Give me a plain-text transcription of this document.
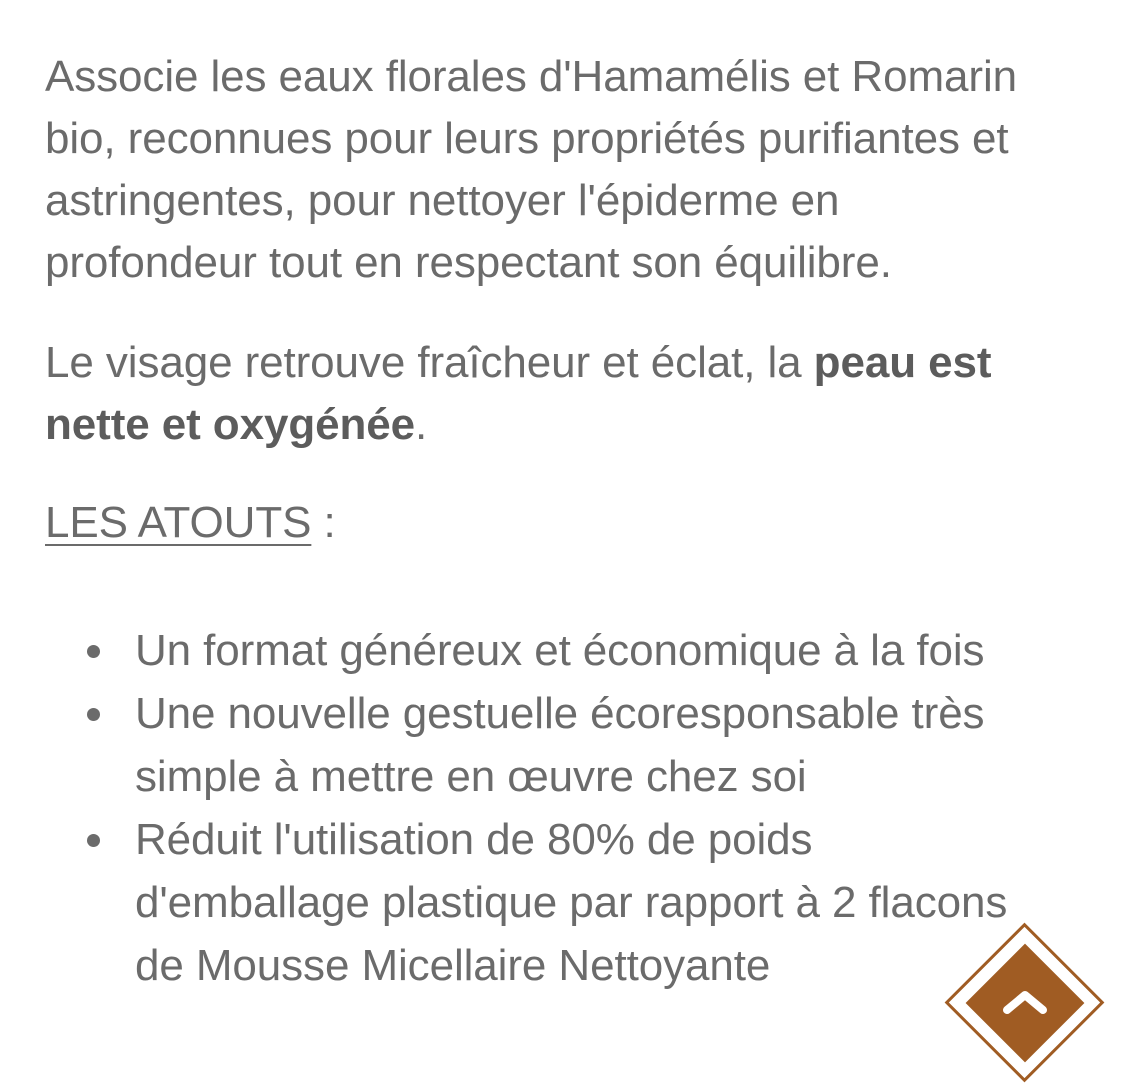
Associe les eaux florales d'Hamamélis et Romarin bio, reconnues pour leurs propriétés purifiantes et astringentes, pour nettoyer l'épiderme en profondeur tout en respectant son équilibre.

Le visage retrouve fraîcheur et éclat, la peau est nette et oxygénée.

LES ATOUTS :

Un format généreux et économique à la fois
Une nouvelle gestuelle écoresponsable très simple à mettre en œuvre chez soi
Réduit l'utilisation de 80% de poids d'emballage plastique par rapport à 2 flacons de Mousse Micellaire Nettoyante
